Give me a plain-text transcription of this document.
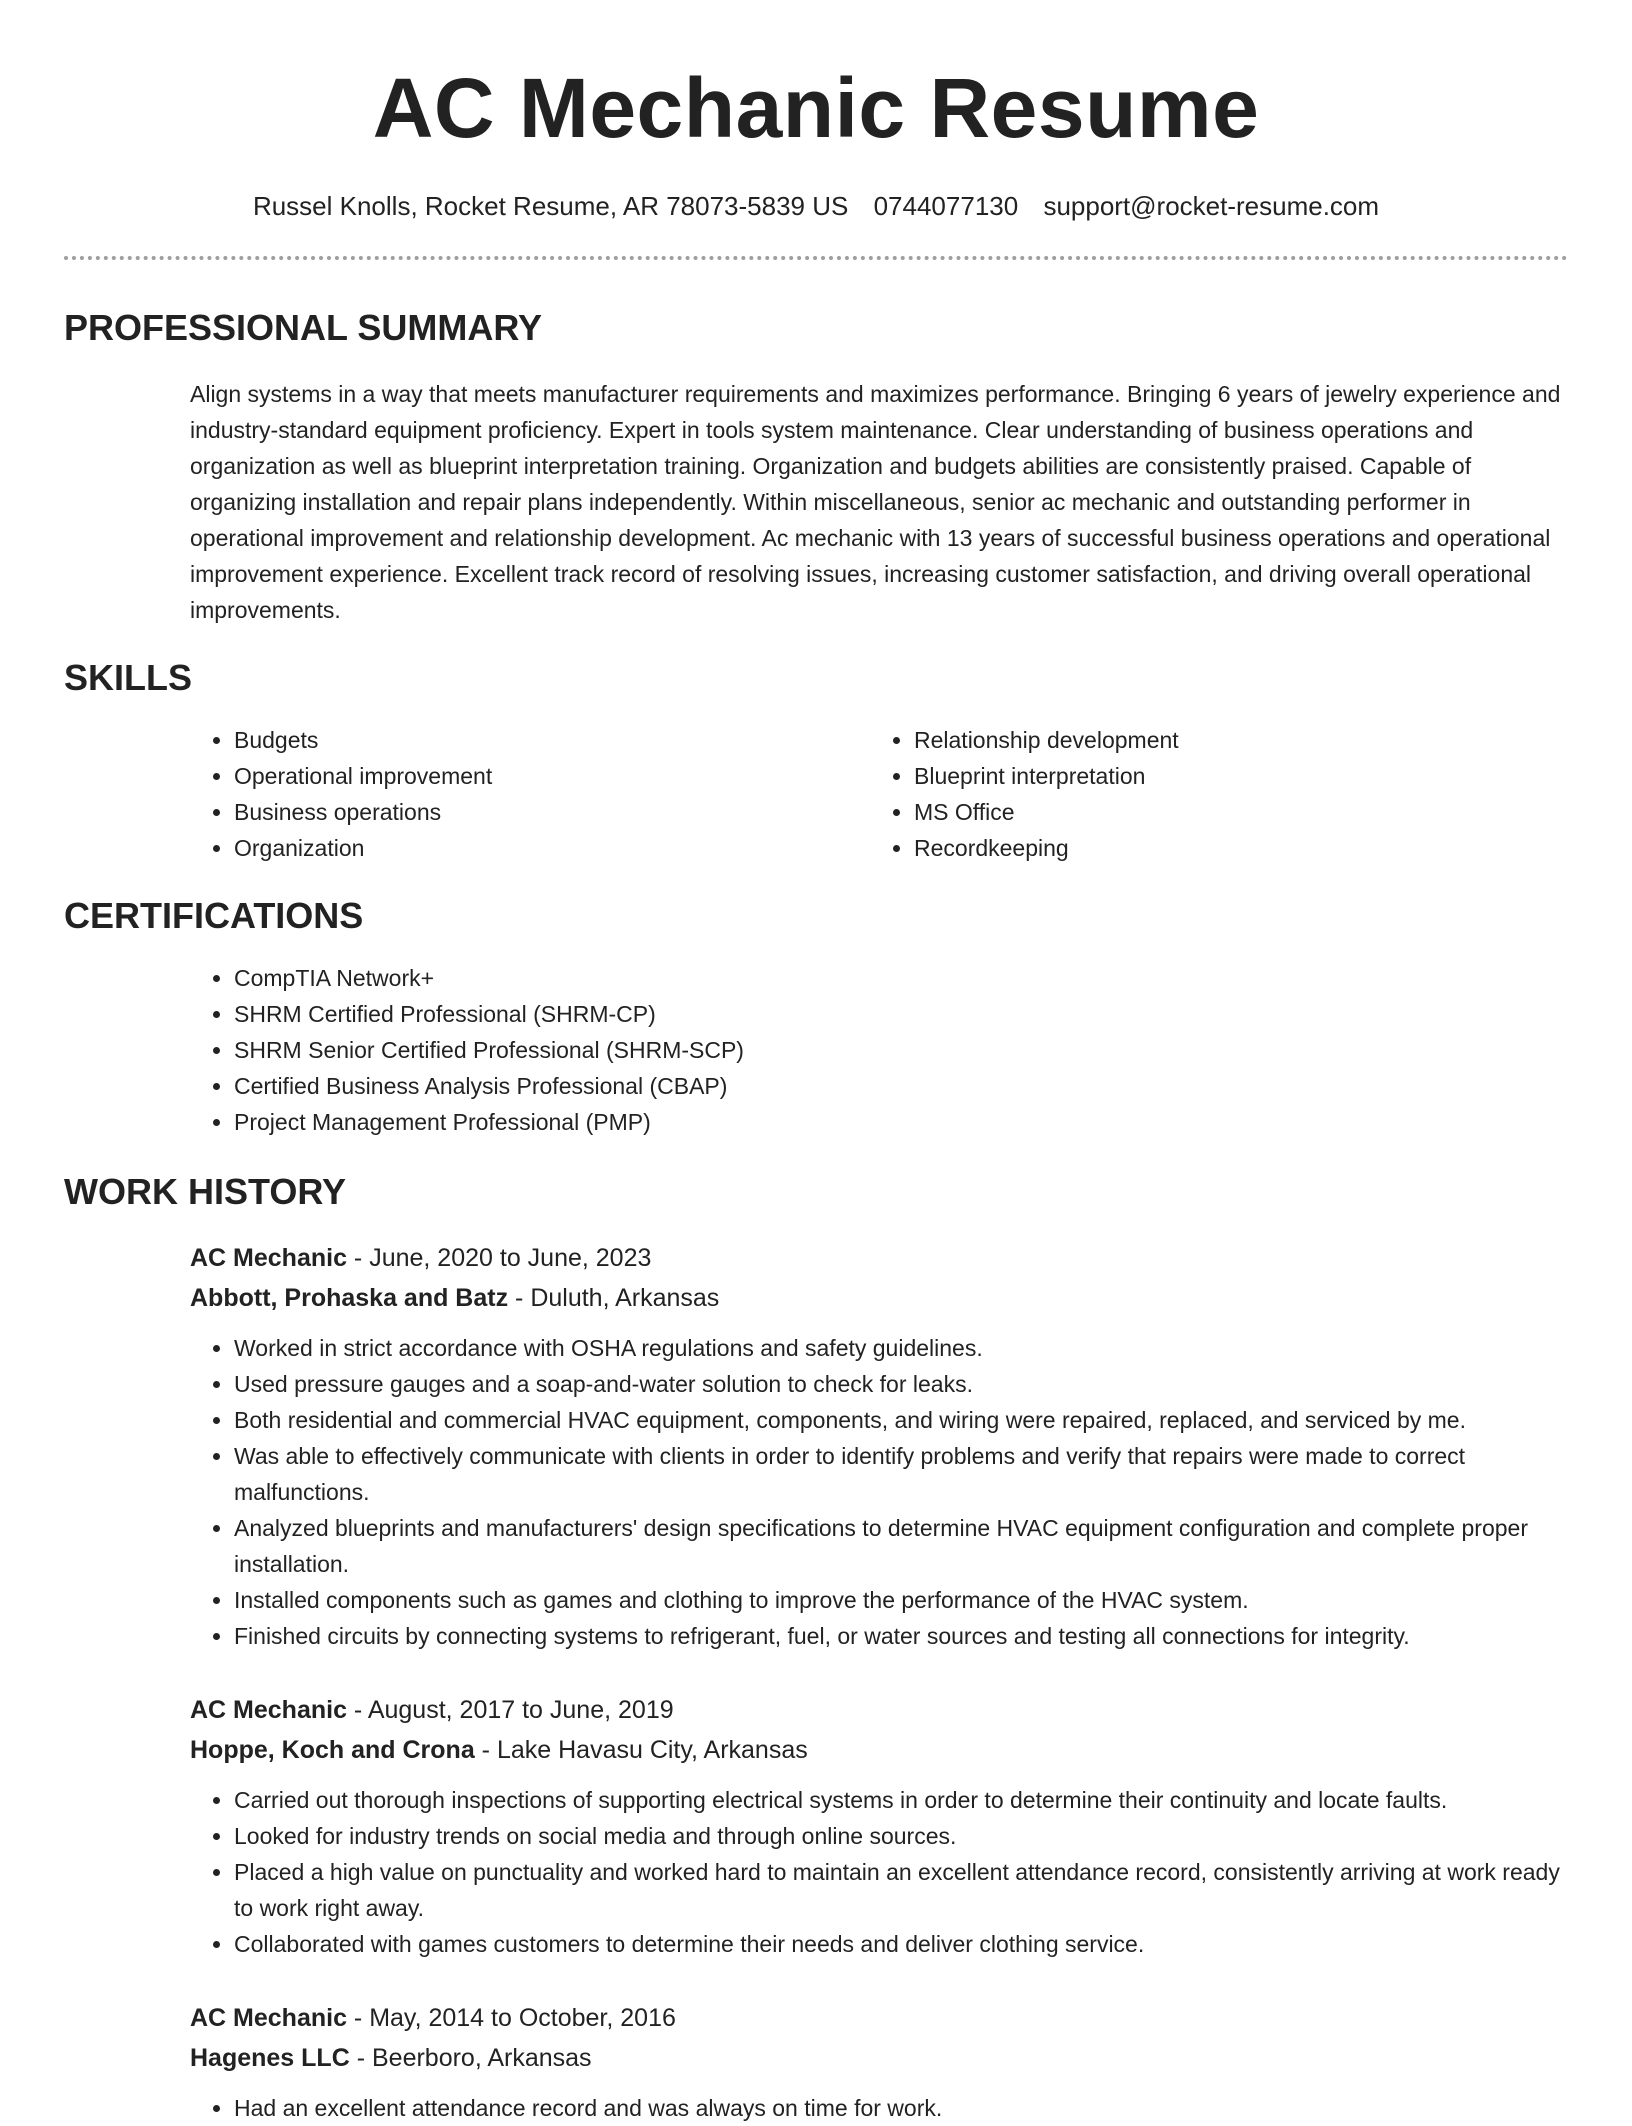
AC Mechanic Resume
Russel Knolls, Rocket Resume, AR 78073-5839 US 0744077130 support@rocket-resume.com
PROFESSIONAL SUMMARY

Align systems in a way that meets manufacturer requirements and maximizes performance. Bringing 6 years of jewelry experience and industry-standard equipment proficiency. Expert in tools system maintenance. Clear understanding of business operations and organization as well as blueprint interpretation training. Organization and budgets abilities are consistently praised. Capable of organizing installation and repair plans independently. Within miscellaneous, senior ac mechanic and outstanding performer in operational improvement and relationship development. Ac mechanic with 13 years of successful business operations and operational improvement experience. Excellent track record of resolving issues, increasing customer satisfaction, and driving overall operational improvements.

SKILLS
• Budgets
• Operational improvement
• Business operations
• Organization
• Relationship development
• Blueprint interpretation
• MS Office
• Recordkeeping
CERTIFICATIONS
• CompTIA Network+
• SHRM Certified Professional (SHRM-CP)
• SHRM Senior Certified Professional (SHRM-SCP)
• Certified Business Analysis Professional (CBAP)
• Project Management Professional (PMP)
WORK HISTORY
AC Mechanic - June, 2020 to June, 2023
Abbott, Prohaska and Batz - Duluth, Arkansas
• Worked in strict accordance with OSHA regulations and safety guidelines.
• Used pressure gauges and a soap-and-water solution to check for leaks.
• Both residential and commercial HVAC equipment, components, and wiring were repaired, replaced, and serviced by me.
• Was able to effectively communicate with clients in order to identify problems and verify that repairs were made to correct malfunctions.
• Analyzed blueprints and manufacturers' design specifications to determine HVAC equipment configuration and complete proper installation.
• Installed components such as games and clothing to improve the performance of the HVAC system.
• Finished circuits by connecting systems to refrigerant, fuel, or water sources and testing all connections for integrity.
AC Mechanic - August, 2017 to June, 2019
Hoppe, Koch and Crona - Lake Havasu City, Arkansas
• Carried out thorough inspections of supporting electrical systems in order to determine their continuity and locate faults.
• Looked for industry trends on social media and through online sources.
• Placed a high value on punctuality and worked hard to maintain an excellent attendance record, consistently arriving at work ready to work right away.
• Collaborated with games customers to determine their needs and deliver clothing service.
AC Mechanic - May, 2014 to October, 2016
Hagenes LLC - Beerboro, Arkansas
• Had an excellent attendance record and was always on time for work.
